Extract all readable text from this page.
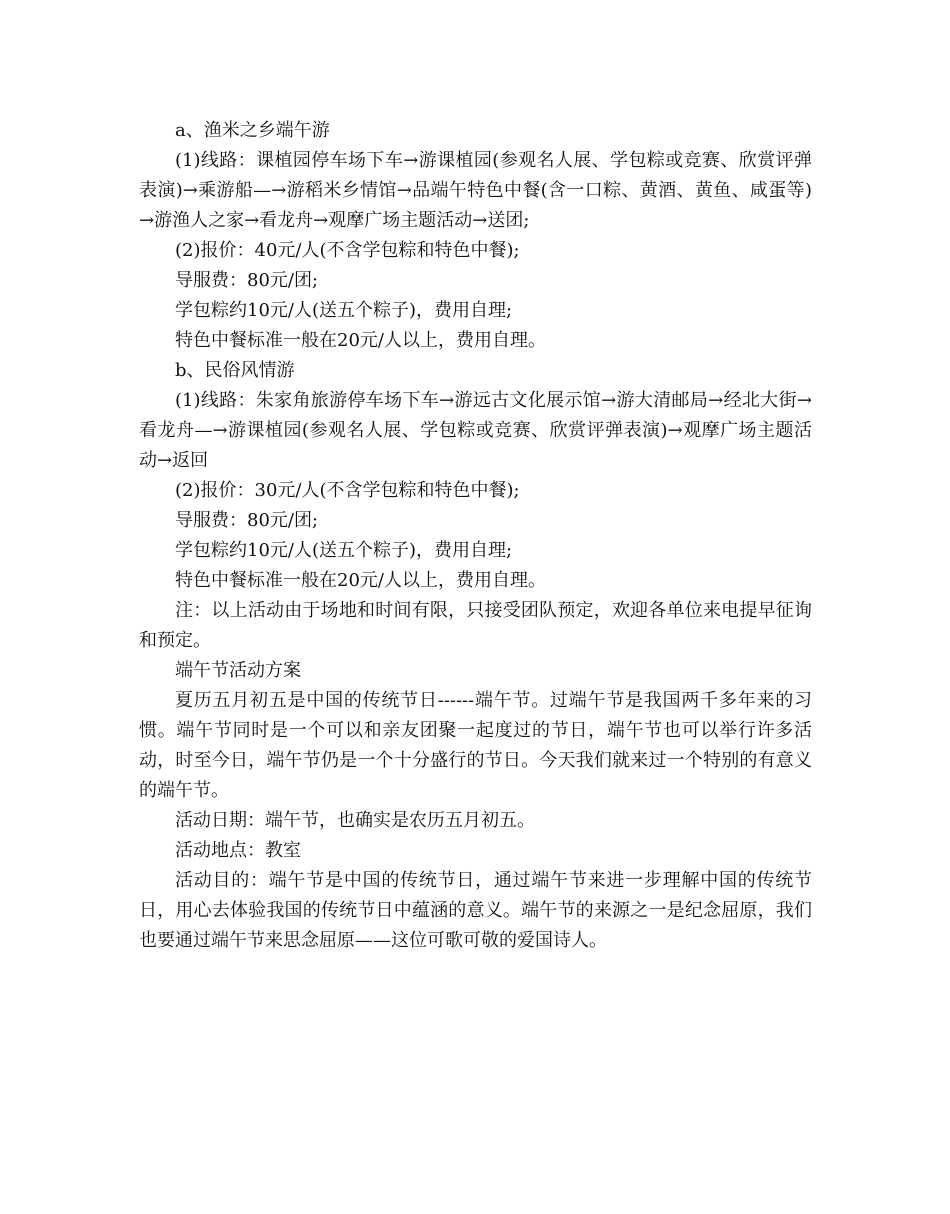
a、渔米之乡端午游

(1)线路：课植园停车场下车→游课植园(参观名人展、学包粽或竞赛、欣赏评弹表演)→乘游船—→游稻米乡情馆→品端午特色中餐(含一口粽、黄酒、黄鱼、咸蛋等)→游渔人之家→看龙舟→观摩广场主题活动→送团;

(2)报价：40元/人(不含学包粽和特色中餐);

导服费：80元/团;

学包粽约10元/人(送五个粽子)，费用自理;

特色中餐标准一般在20元/人以上，费用自理。

b、民俗风情游

(1)线路：朱家角旅游停车场下车→游远古文化展示馆→游大清邮局→经北大街→看龙舟—→游课植园(参观名人展、学包粽或竞赛、欣赏评弹表演)→观摩广场主题活动→返回

(2)报价：30元/人(不含学包粽和特色中餐);

导服费：80元/团;

学包粽约10元/人(送五个粽子)，费用自理;

特色中餐标准一般在20元/人以上，费用自理。

注：以上活动由于场地和时间有限，只接受团队预定，欢迎各单位来电提早征询和预定。

端午节活动方案

夏历五月初五是中国的传统节日------端午节。过端午节是我国两千多年来的习惯。端午节同时是一个可以和亲友团聚一起度过的节日，端午节也可以举行许多活动，时至今日，端午节仍是一个十分盛行的节日。今天我们就来过一个特别的有意义的端午节。

活动日期：端午节，也确实是农历五月初五。

活动地点：教室

活动目的：端午节是中国的传统节日，通过端午节来进一步理解中国的传统节日，用心去体验我国的传统节日中蕴涵的意义。端午节的来源之一是纪念屈原，我们也要通过端午节来思念屈原——这位可歌可敬的爱国诗人。
